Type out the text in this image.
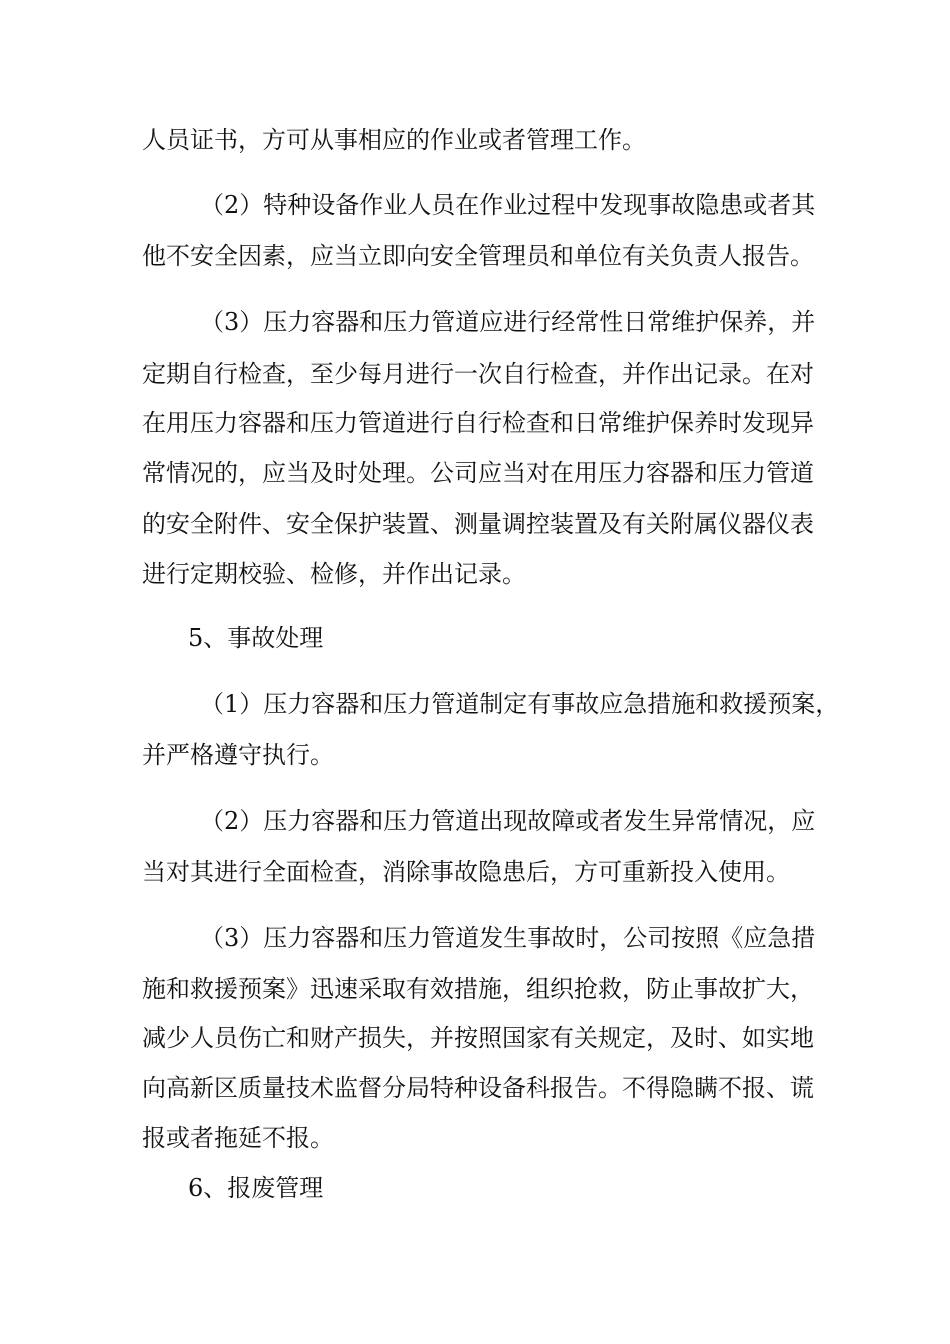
人员证书，方可从事相应的作业或者管理工作。
（2）特种设备作业人员在作业过程中发现事故隐患或者其
他不安全因素，应当立即向安全管理员和单位有关负责人报告。
（3）压力容器和压力管道应进行经常性日常维护保养，并
定期自行检查，至少每月进行一次自行检查，并作出记录。在对
在用压力容器和压力管道进行自行检查和日常维护保养时发现异
常情况的，应当及时处理。公司应当对在用压力容器和压力管道
的安全附件、安全保护装置、测量调控装置及有关附属仪器仪表
进行定期校验、检修，并作出记录。
5、事故处理
（1）压力容器和压力管道制定有事故应急措施和救援预案，
并严格遵守执行。
（2）压力容器和压力管道出现故障或者发生异常情况，应
当对其进行全面检查，消除事故隐患后，方可重新投入使用。
（3）压力容器和压力管道发生事故时，公司按照《应急措
施和救援预案》迅速采取有效措施，组织抢救，防止事故扩大，
减少人员伤亡和财产损失，并按照国家有关规定，及时、如实地
向高新区质量技术监督分局特种设备科报告。不得隐瞒不报、谎
报或者拖延不报。
6、报废管理
